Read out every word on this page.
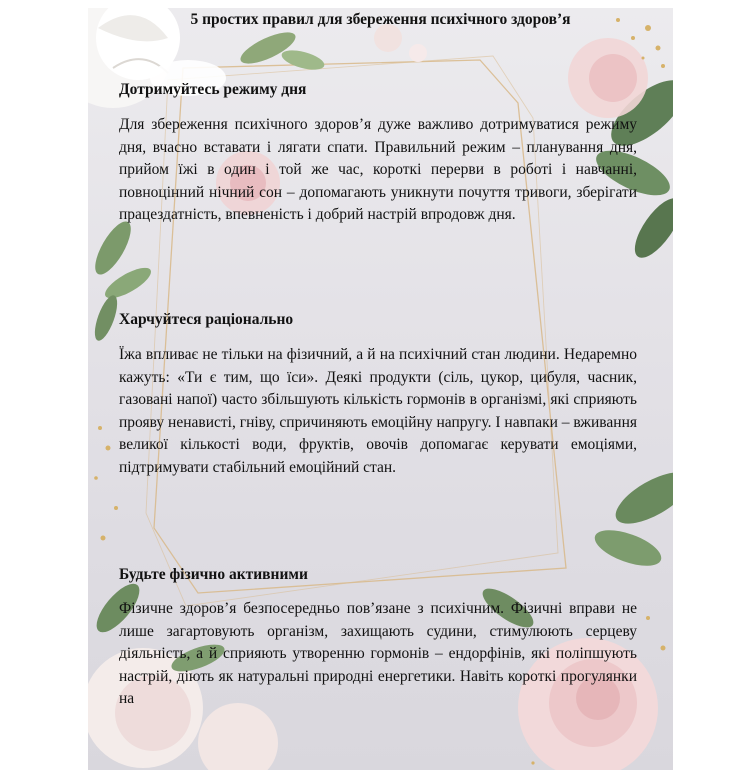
5 простих правил для збереження психічного здоров’я
Дотримуйтесь режиму дня
Для збереження психічного здоров’я дуже важливо дотримуватися режиму дня, вчасно вставати і лягати спати. Правильний режим – планування дня, прийом їжі в один і той же час, короткі перерви в роботі і навчанні, повноцінний нічний сон – допомагають уникнути почуття тривоги, зберігати працездатність, впевненість і добрий настрій впродовж дня.
Харчуйтеся раціонально
Їжа впливає не тільки на фізичний, а й на психічний стан людини. Недаремно кажуть: «Ти є тим, що їси». Деякі продукти (сіль, цукор, цибуля, часник, газовані напої) часто збільшують кількість гормонів в організмі, які сприяють прояву ненависті, гніву, спричиняють емоційну напругу. І навпаки – вживання великої кількості води, фруктів, овочів допомагає керувати емоціями, підтримувати стабільний емоційний стан.
Будьте фізично активними
Фізичне здоров’я безпосередньо пов’язане з психічним. Фізичні вправи не лише загартовують організм, захищають судини, стимулюють серцеву діяльність, а й сприяють утворенню гормонів – ендорфінів, які поліпшують настрій, діють як натуральні природні енергетики. Навіть короткі прогулянки на
